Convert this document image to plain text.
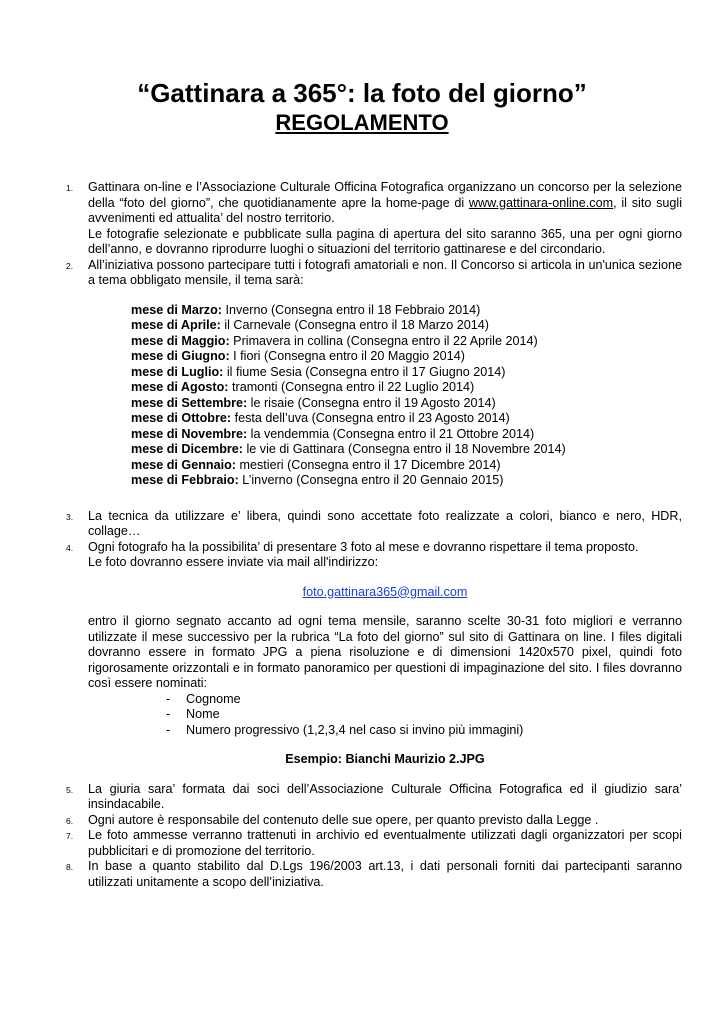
“Gattinara a 365°: la foto del giorno”
REGOLAMENTO
1. Gattinara on-line e l’Associazione Culturale Officina Fotografica organizzano un concorso per la selezione della “foto del giorno”, che quotidianamente apre la home-page di www.gattinara-online.com, il sito sugli avvenimenti ed attualita’ del nostro territorio.

Le fotografie selezionate e pubblicate sulla pagina di apertura del sito saranno 365, una per ogni giorno dell’anno, e dovranno riprodurre luoghi o situazioni del territorio gattinarese e del circondario.

2. All’iniziativa possono partecipare tutti i fotografi amatoriali e non. Il Concorso si articola in un'unica sezione a tema obbligato mensile, il tema sarà:

mese di Marzo: Inverno (Consegna entro il 18 Febbraio 2014)
mese di Aprile: il Carnevale (Consegna entro il 18 Marzo 2014)
mese di Maggio: Primavera in collina (Consegna entro il 22 Aprile 2014)
mese di Giugno: I fiori (Consegna entro il 20 Maggio 2014)
mese di Luglio: il fiume Sesia (Consegna entro il 17 Giugno 2014)
mese di Agosto: tramonti (Consegna entro il 22 Luglio 2014)
mese di Settembre: le risaie (Consegna entro il 19 Agosto 2014)
mese di Ottobre: festa dell’uva (Consegna entro il 23 Agosto 2014)
mese di Novembre: la vendemmia (Consegna entro il 21 Ottobre 2014)
mese di Dicembre: le vie di Gattinara (Consegna entro il 18 Novembre 2014)
mese di Gennaio: mestieri (Consegna entro il 17 Dicembre 2014)
mese di Febbraio: L’inverno (Consegna entro il 20 Gennaio 2015)
3. La tecnica da utilizzare e’ libera, quindi sono accettate foto realizzate a colori, bianco e nero, HDR, collage…

4. Ogni fotografo ha la possibilita’ di presentare 3 foto al mese e dovranno rispettare il tema proposto.

Le foto dovranno essere inviate via mail all'indirizzo:

foto.gattinara365@gmail.com

entro il giorno segnato accanto ad ogni tema mensile, saranno scelte 30-31 foto migliori e verranno utilizzate il mese successivo per la rubrica “La foto del giorno” sul sito di Gattinara on line. I files digitali dovranno essere in formato JPG a piena risoluzione e di dimensioni 1420x570 pixel, quindi foto rigorosamente orizzontali e in formato panoramico per questioni di impaginazione del sito. I files dovranno così essere nominati:

- Cognome
- Nome
- Numero progressivo (1,2,3,4 nel caso si invino più immagini)

Esempio: Bianchi Maurizio 2.JPG

5. La giuria sara’ formata dai soci dell’Associazione Culturale Officina Fotografica ed il giudizio sara’ insindacabile.

6. Ogni autore è responsabile del contenuto delle sue opere, per quanto previsto dalla Legge .

7. Le foto ammesse verranno trattenuti in archivio ed eventualmente utilizzati dagli organizzatori per scopi pubblicitari e di promozione del territorio.

8. In base a quanto stabilito dal D.Lgs 196/2003 art.13, i dati personali forniti dai partecipanti saranno utilizzati unitamente a scopo dell’iniziativa.
